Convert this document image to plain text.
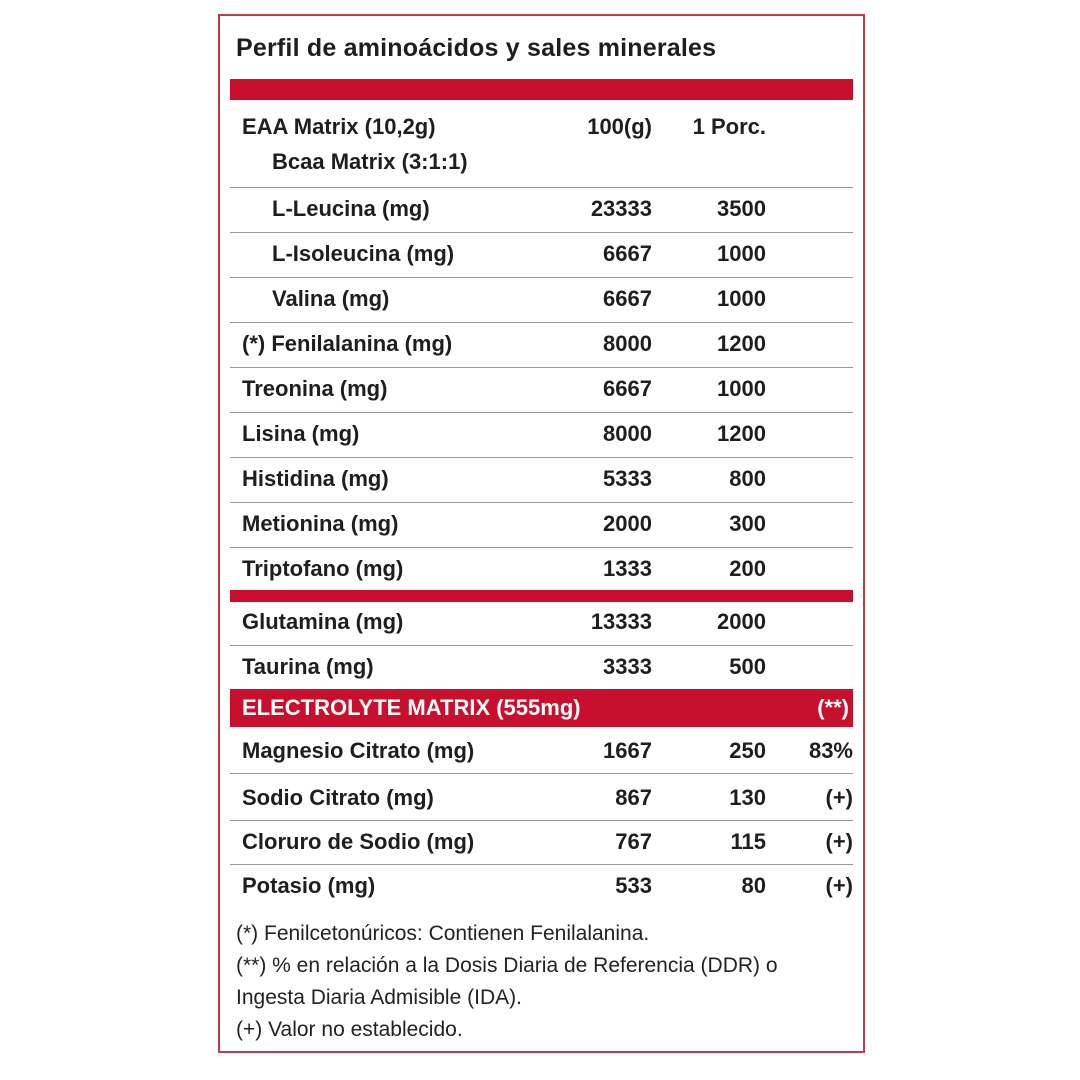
Perfil de aminoácidos y sales minerales
EAA Matrix (10,2g)	100(g) 1 Porc.
Bcaa Matrix (3:1:1)
L-Leucina (mg)	23333	3500
L-Isoleucina (mg)	6667	1000
Valina (mg)	6667	1000
(*) Fenilalanina (mg)	8000	1200
Treonina (mg)	6667	1000
Lisina (mg)	8000	1200
Histidina (mg)	5333	800
Metionina (mg)	2000	300
Triptofano (mg)	1333	200
Glutamina (mg)	13333	2000
Taurina (mg)	3333	500
ELECTROLYTE MATRIX (555mg)	(**)
Magnesio Citrato (mg)	1667	250 83%
Sodio Citrato (mg)	867	130	(+)
Cloruro de Sodio (mg)	767	115	(+)
Potasio (mg)	533	80	(+)
(*) Fenilcetonúricos: Contienen Fenilalanina.
(**) % en relación a la Dosis Diaria de Referencia (DDR) o
Ingesta Diaria Admisible (IDA).
(+) Valor no establecido.
